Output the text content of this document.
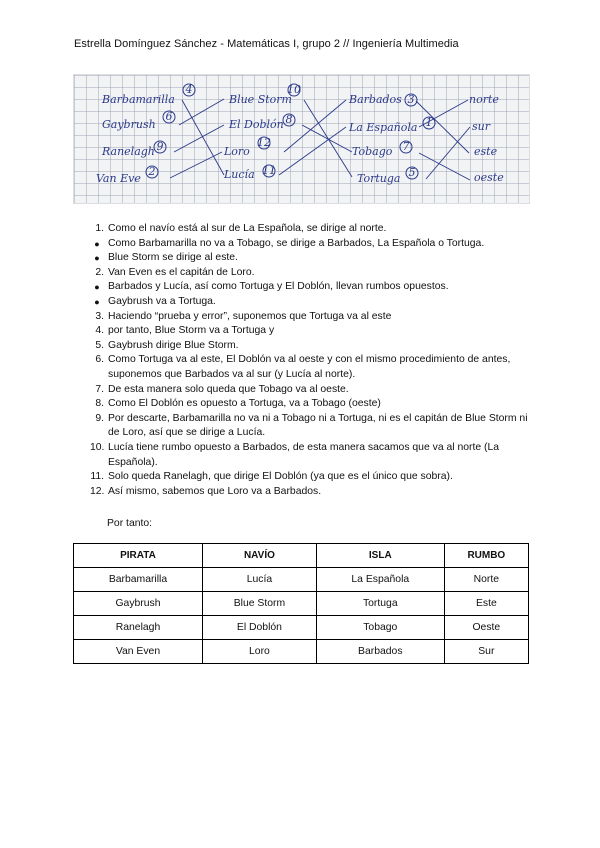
Estrella Domínguez Sánchez - Matemáticas I, grupo 2 // Ingeniería Multimedia
Barbamarilla
Gaybrush
Ranelagh
Van Eve
Blue Storm
El Doblón
Loro
Lucía
Barbados
La Española
Tobago
Tortuga
norte
sur
este
oeste
4
6
9
2
10
8
12
11
3
1
7
5
1. Como el navío está al sur de La Española, se dirige al norte.
● Como Barbamarilla no va a Tobago, se dirige a Barbados, La Española o Tortuga.
● Blue Storm se dirige al este.
2. Van Even es el capitán de Loro.
● Barbados y Lucía, así como Tortuga y El Doblón, llevan rumbos opuestos.
● Gaybrush va a Tortuga.
3. Haciendo “prueba y error”, suponemos que Tortuga va al este
4. por tanto, Blue Storm va a Tortuga y
5. Gaybrush dirige Blue Storm.
6. Como Tortuga va al este, El Doblón va al oeste y con el mismo procedimiento de antes, suponemos que Barbados va al sur (y Lucía al norte).
7. De esta manera solo queda que Tobago va al oeste.
8. Como El Doblón es opuesto a Tortuga, va a Tobago (oeste)
9. Por descarte, Barbamarilla no va ni a Tobago ni a Tortuga, ni es el capitán de Blue Storm ni de Loro, así que se dirige a Lucía.
10. Lucía tiene rumbo opuesto a Barbados, de esta manera sacamos que va al norte (La Española).
11. Solo queda Ranelagh, que dirige El Doblón (ya que es el único que sobra).
12. Así mismo, sabemos que Loro va a Barbados.
Por tanto:
PIRATA	NAVÍO	ISLA	RUMBO
Barbamarilla	Lucía	La Española	Norte
Gaybrush	Blue Storm	Tortuga	Este
Ranelagh	El Doblón	Tobago	Oeste
Van Even	Loro	Barbados	Sur
